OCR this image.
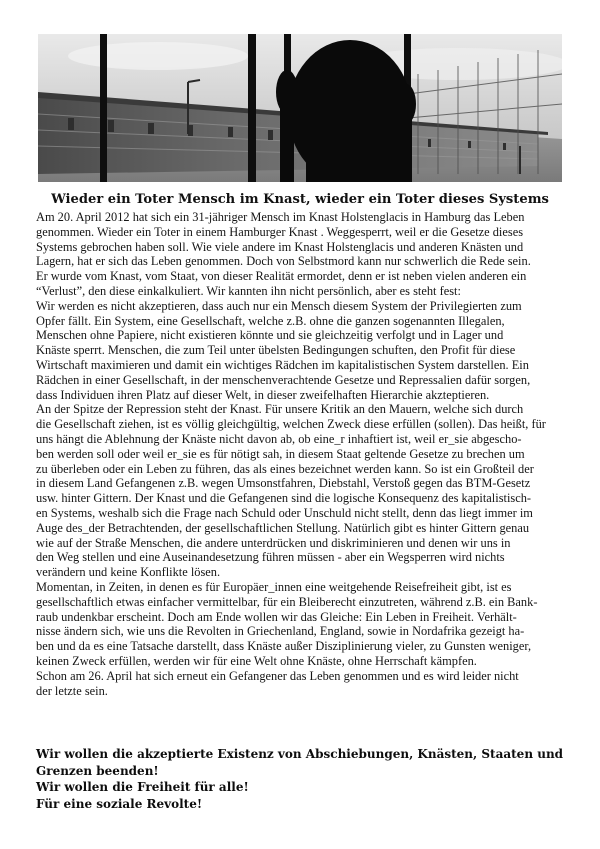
Wieder ein Toter Mensch im Knast, wieder ein Toter dieses Systems
Am 20. April 2012 hat sich ein 31-jähriger Mensch im Knast Holstenglacis in Hamburg das Leben
genommen. Wieder ein Toter in einem Hamburger Knast . Weggesperrt, weil er die Gesetze dieses
Systems gebrochen haben soll. Wie viele andere im Knast Holstenglacis und anderen Knästen und
Lagern, hat er sich das Leben genommen. Doch von Selbstmord kann nur schwerlich die Rede sein.
Er wurde vom Knast, vom Staat, von dieser Realität ermordet, denn er ist neben vielen anderen ein
“Verlust”, den diese einkalkuliert. Wir kannten ihn nicht persönlich, aber es steht fest:
Wir werden es nicht akzeptieren, dass auch nur ein Mensch diesem System der Privilegierten zum
Opfer fällt. Ein System, eine Gesellschaft, welche z.B. ohne die ganzen sogenannten Illegalen,
Menschen ohne Papiere, nicht existieren könnte und sie gleichzeitig verfolgt und in Lager und
Knäste sperrt. Menschen, die zum Teil unter übelsten Bedingungen schuften, den Profit für diese
Wirtschaft maximieren und damit ein wichtiges Rädchen im kapitalistischen System darstellen. Ein
Rädchen in einer Gesellschaft, in der menschenverachtende Gesetze und Repressalien dafür sorgen,
dass Individuen ihren Platz auf dieser Welt, in dieser zweifelhaften Hierarchie akzteptieren.
An der Spitze der Repression steht der Knast. Für unsere Kritik an den Mauern, welche sich durch
die Gesellschaft ziehen, ist es völlig gleichgültig, welchen Zweck diese erfüllen (sollen). Das heißt, für
uns hängt die Ablehnung der Knäste nicht davon ab, ob eine_r inhaftiert ist, weil er_sie abgescho-
ben werden soll oder weil er_sie es für nötigt sah, in diesem Staat geltende Gesetze zu brechen um
zu überleben oder ein Leben zu führen, das als eines bezeichnet werden kann. So ist ein Großteil der
in diesem Land Gefangenen z.B. wegen Umsonstfahren, Diebstahl, Verstoß gegen das BTM-Gesetz
usw. hinter Gittern. Der Knast und die Gefangenen sind die logische Konsequenz des kapitalistisch-
en Systems, weshalb sich die Frage nach Schuld oder Unschuld nicht stellt, denn das liegt immer im
Auge des_der Betrachtenden, der gesellschaftlichen Stellung. Natürlich gibt es hinter Gittern genau
wie auf der Straße Menschen, die andere unterdrücken und diskriminieren und denen wir uns in
den Weg stellen und eine Auseinandesetzung führen müssen - aber ein Wegsperren wird nichts
verändern und keine Konflikte lösen.
Momentan, in Zeiten, in denen es für Europäer_innen eine weitgehende Reisefreiheit gibt, ist es
gesellschaftlich etwas einfacher vermittelbar, für ein Bleiberecht einzutreten, während z.B. ein Bank-
raub undenkbar erscheint. Doch am Ende wollen wir das Gleiche: Ein Leben in Freiheit. Verhält-
nisse ändern sich, wie uns die Revolten in Griechenland, England, sowie in Nordafrika gezeigt ha-
ben und da es eine Tatsache darstellt, dass Knäste außer Disziplinierung vieler, zu Gunsten weniger,
keinen Zweck erfüllen, werden wir für eine Welt ohne Knäste, ohne Herrschaft kämpfen.
Schon am 26. April hat sich erneut ein Gefangener das Leben genommen und es wird leider nicht
der letzte sein.
Wir wollen die akzeptierte Existenz von Abschiebungen, Knästen, Staaten und
Grenzen beenden!
Wir wollen die Freiheit für alle!
Für eine soziale Revolte!
